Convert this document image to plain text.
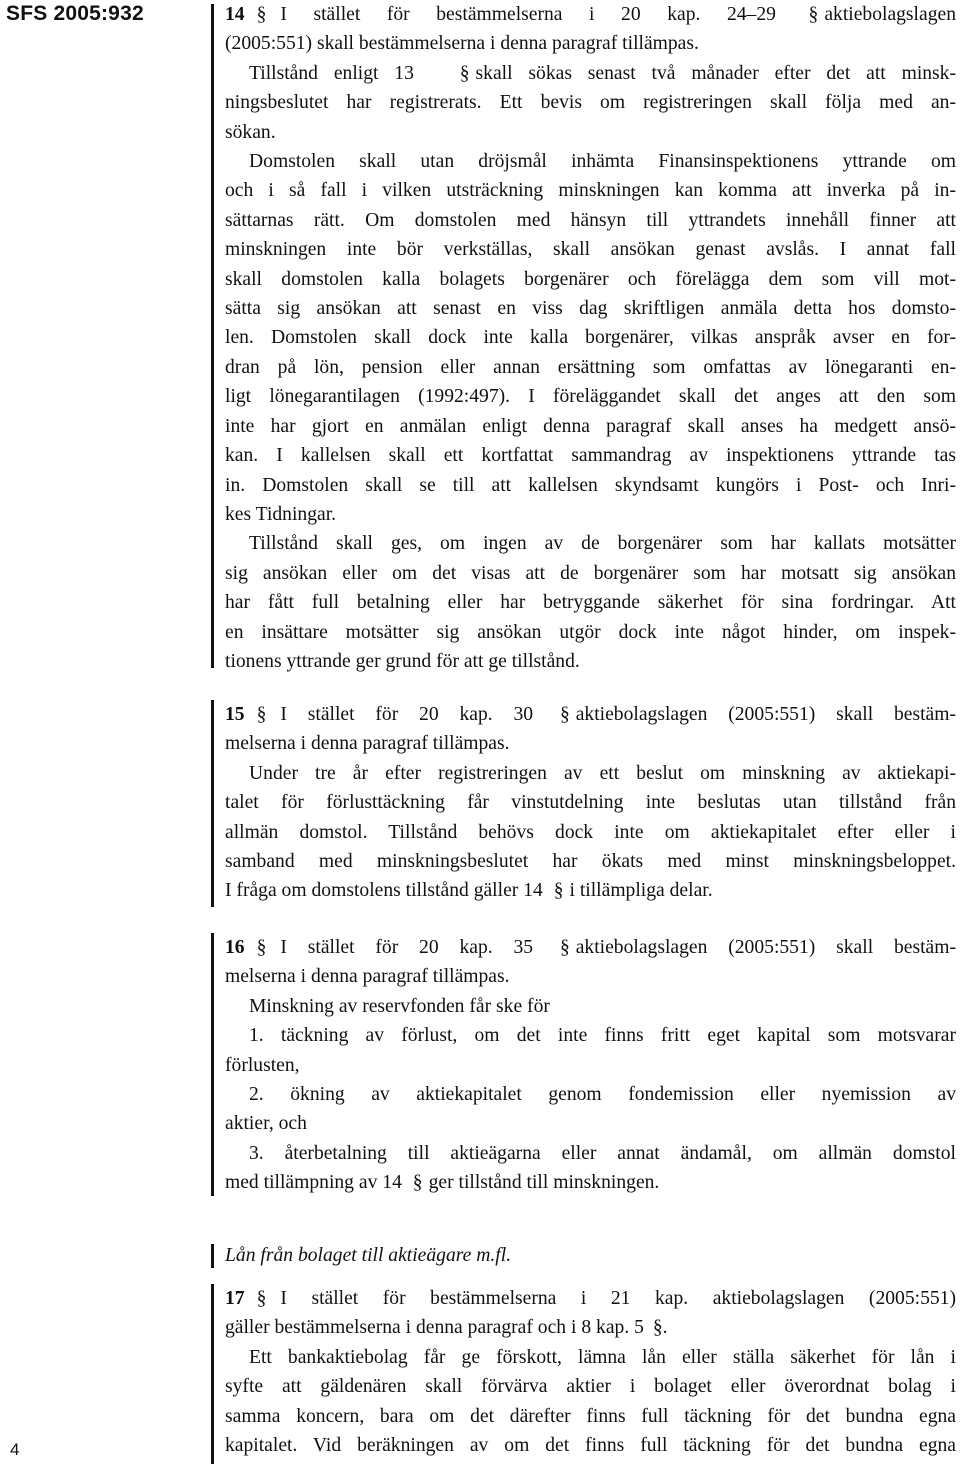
SFS 2005:932
4
14 § I stället för bestämmelserna i 20 kap. 24–29 § aktiebolagslagen
(2005:551) skall bestämmelserna i denna paragraf tillämpas.
Tillstånd enligt 13 § skall sökas senast två månader efter det att minsk-
ningsbeslutet har registrerats. Ett bevis om registreringen skall följa med an-
sökan.
Domstolen skall utan dröjsmål inhämta Finansinspektionens yttrande om
och i så fall i vilken utsträckning minskningen kan komma att inverka på in-
sättarnas rätt. Om domstolen med hänsyn till yttrandets innehåll finner att
minskningen inte bör verkställas, skall ansökan genast avslås. I annat fall
skall domstolen kalla bolagets borgenärer och förelägga dem som vill mot-
sätta sig ansökan att senast en viss dag skriftligen anmäla detta hos domsto-
len. Domstolen skall dock inte kalla borgenärer, vilkas anspråk avser en for-
dran på lön, pension eller annan ersättning som omfattas av lönegaranti en-
ligt lönegarantilagen (1992:497). I föreläggandet skall det anges att den som
inte har gjort en anmälan enligt denna paragraf skall anses ha medgett ansö-
kan. I kallelsen skall ett kortfattat sammandrag av inspektionens yttrande tas
in. Domstolen skall se till att kallelsen skyndsamt kungörs i Post- och Inri-
kes Tidningar.
Tillstånd skall ges, om ingen av de borgenärer som har kallats motsätter
sig ansökan eller om det visas att de borgenärer som har motsatt sig ansökan
har fått full betalning eller har betryggande säkerhet för sina fordringar. Att
en insättare motsätter sig ansökan utgör dock inte något hinder, om inspek-
tionens yttrande ger grund för att ge tillstånd.
15 § I stället för 20 kap. 30 § aktiebolagslagen (2005:551) skall bestäm-
melserna i denna paragraf tillämpas.
Under tre år efter registreringen av ett beslut om minskning av aktiekapi-
talet för förlusttäckning får vinstutdelning inte beslutas utan tillstånd från
allmän domstol. Tillstånd behövs dock inte om aktiekapitalet efter eller i
samband med minskningsbeslutet har ökats med minst minskningsbeloppet.
I fråga om domstolens tillstånd gäller 14 § i tillämpliga delar.
16 § I stället för 20 kap. 35 § aktiebolagslagen (2005:551) skall bestäm-
melserna i denna paragraf tillämpas.
Minskning av reservfonden får ske för
1. täckning av förlust, om det inte finns fritt eget kapital som motsvarar
förlusten,
2. ökning av aktiekapitalet genom fondemission eller nyemission av
aktier, och
3. återbetalning till aktieägarna eller annat ändamål, om allmän domstol
med tillämpning av 14 § ger tillstånd till minskningen.
Lån från bolaget till aktieägare m.fl.
17 § I stället för bestämmelserna i 21 kap. aktiebolagslagen (2005:551)
gäller bestämmelserna i denna paragraf och i 8 kap. 5 §.
Ett bankaktiebolag får ge förskott, lämna lån eller ställa säkerhet för lån i
syfte att gäldenären skall förvärva aktier i bolaget eller överordnat bolag i
samma koncern, bara om det därefter finns full täckning för det bundna egna
kapitalet. Vid beräkningen av om det finns full täckning för det bundna egna
